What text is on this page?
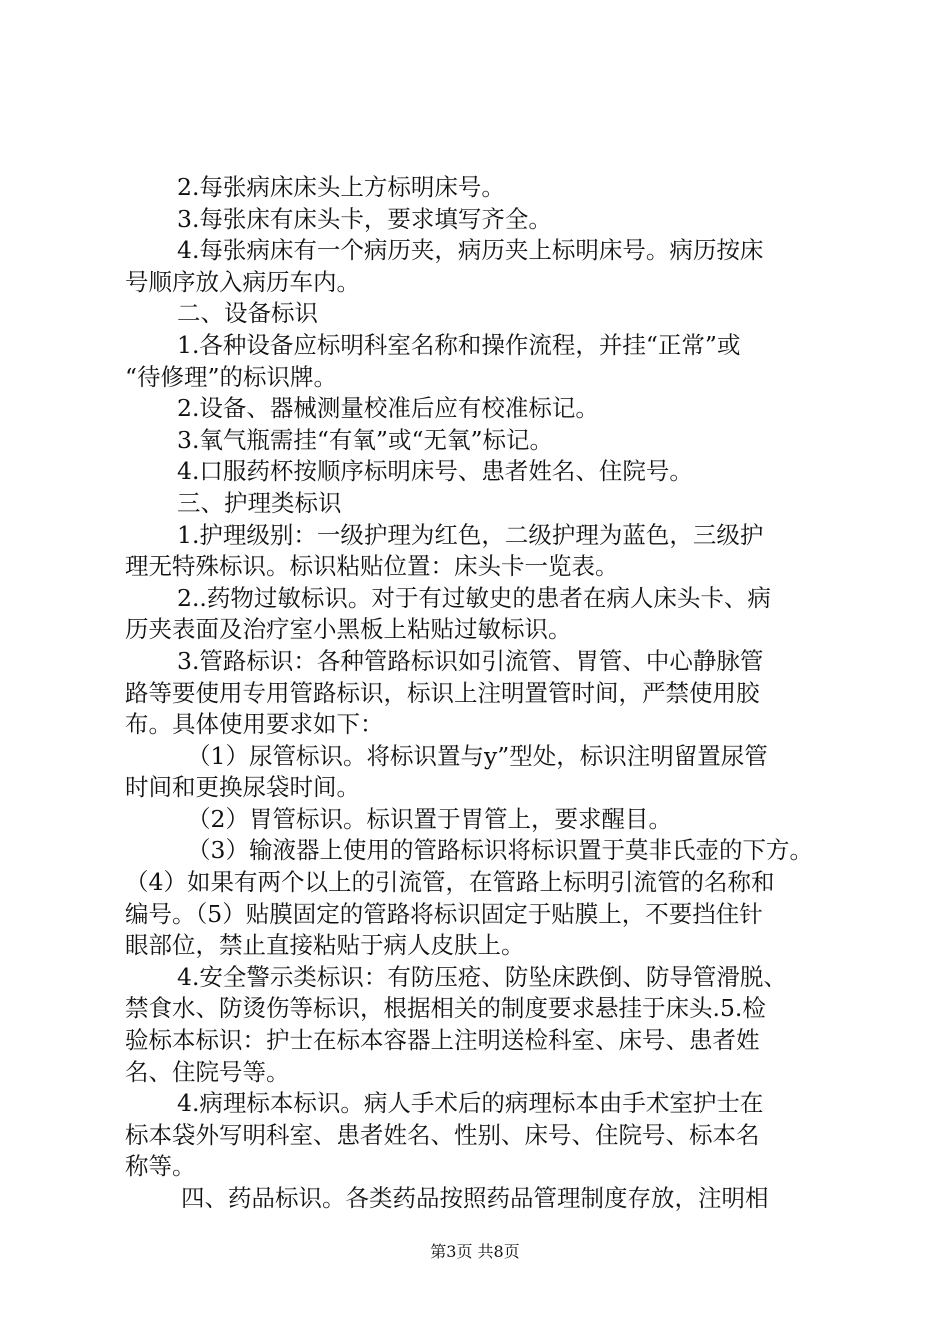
2.每张病床床头上方标明床号。
3.每张床有床头卡，要求填写齐全。
4.每张病床有一个病历夹，病历夹上标明床号。病历按床
号顺序放入病历车内。
二、设备标识
1.各种设备应标明科室名称和操作流程，并挂“正常”或
“待修理”的标识牌。
2.设备、器械测量校准后应有校准标记。
3.氧气瓶需挂“有氧”或“无氧”标记。
4.口服药杯按顺序标明床号、患者姓名、住院号。
三、护理类标识
1.护理级别：一级护理为红色，二级护理为蓝色，三级护
理无特殊标识。标识粘贴位置：床头卡一览表。
2..药物过敏标识。对于有过敏史的患者在病人床头卡、病
历夹表面及治疗室小黑板上粘贴过敏标识。
3.管路标识：各种管路标识如引流管、胃管、中心静脉管
路等要使用专用管路标识，标识上注明置管时间，严禁使用胶
布。具体使用要求如下：
（1）尿管标识。将标识置与y”型处，标识注明留置尿管
时间和更换尿袋时间。
（2）胃管标识。标识置于胃管上，要求醒目。
（3）输液器上使用的管路标识将标识置于莫非氏壶的下方。
（4）如果有两个以上的引流管，在管路上标明引流管的名称和
编号。（5）贴膜固定的管路将标识固定于贴膜上，不要挡住针
眼部位，禁止直接粘贴于病人皮肤上。
4.安全警示类标识：有防压疮、防坠床跌倒、防导管滑脱、
禁食水、防烫伤等标识，根据相关的制度要求悬挂于床头.5.检
验标本标识：护士在标本容器上注明送检科室、床号、患者姓
名、住院号等。
4.病理标本标识。病人手术后的病理标本由手术室护士在
标本袋外写明科室、患者姓名、性别、床号、住院号、标本名
称等。
四、药品标识。各类药品按照药品管理制度存放，注明相
第3页 共8页
